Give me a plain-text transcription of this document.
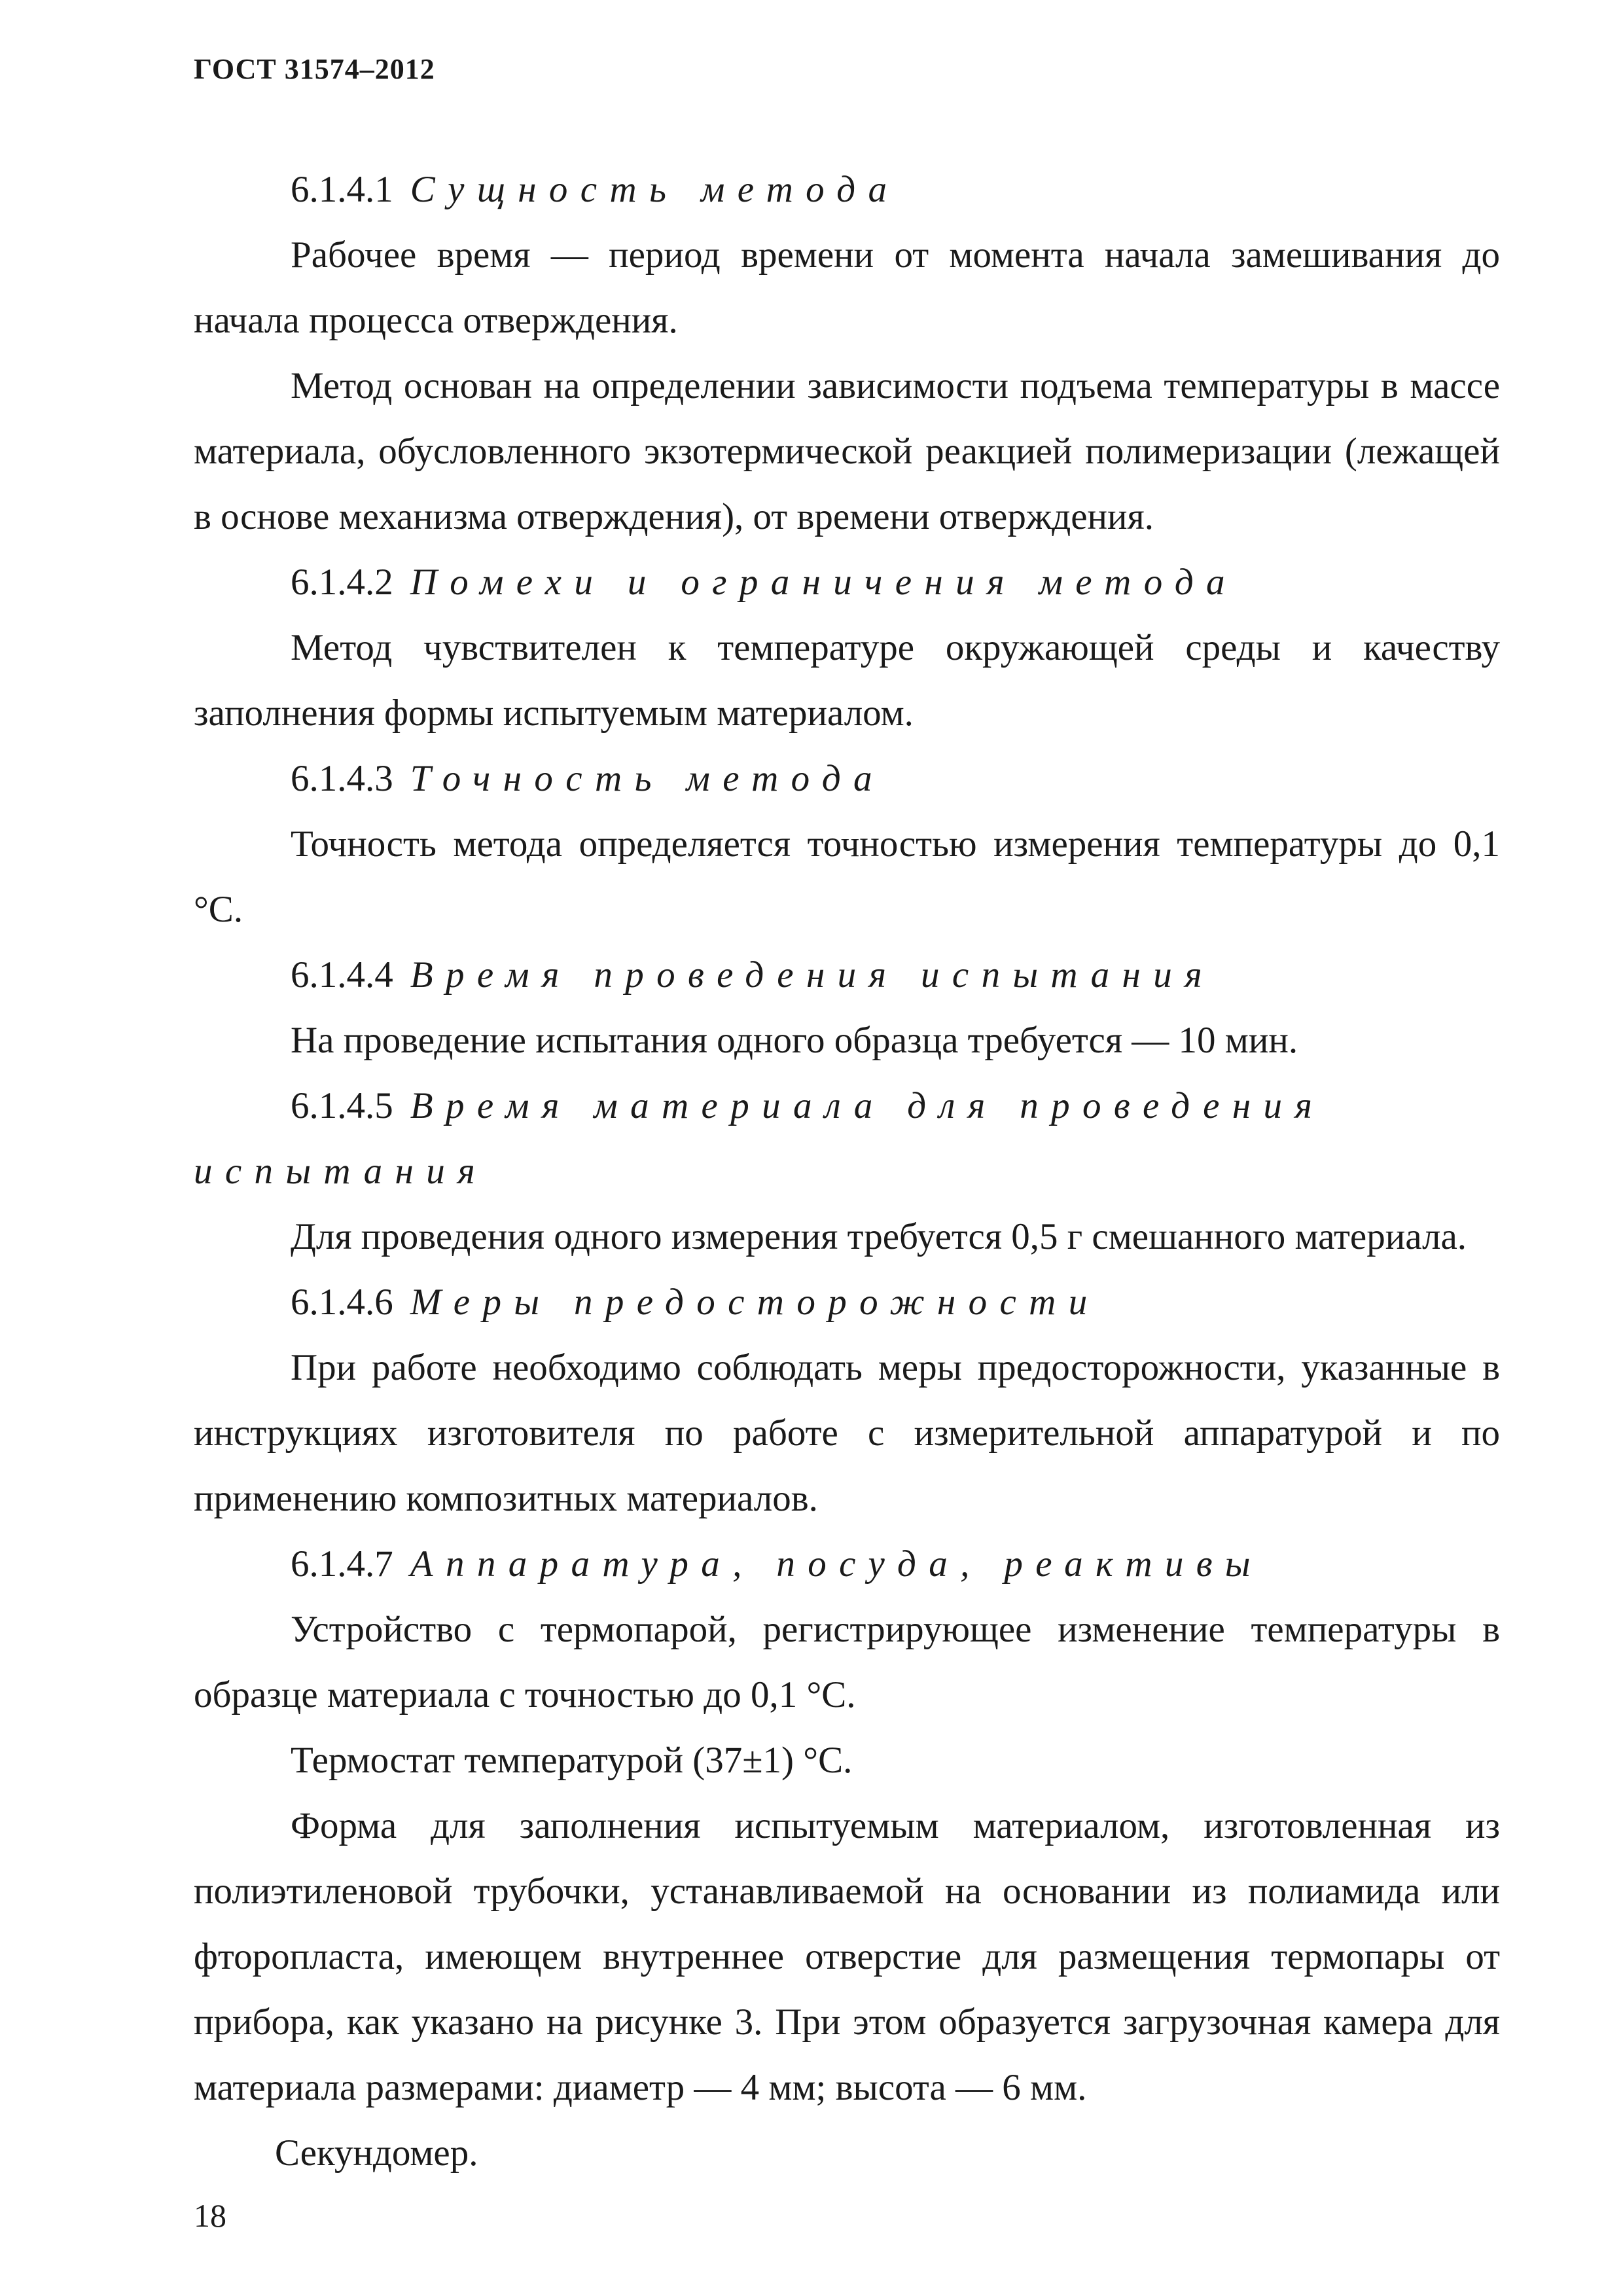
ГОСТ 31574–2012

6.1.4.1 Сущность метода

Рабочее время — период времени от момента начала замешивания до начала процесса отверждения.

Метод основан на определении зависимости подъема температуры в массе материала, обусловленного экзотермической реакцией полимеризации (лежащей в основе механизма отверждения), от времени отверждения.

6.1.4.2 Помехи и ограничения метода

Метод чувствителен к температуре окружающей среды и качеству заполнения формы испытуемым материалом.

6.1.4.3 Точность метода

Точность метода определяется точностью измерения температуры до 0,1 °С.

6.1.4.4 Время проведения испытания

На проведение испытания одного образца требуется — 10 мин.

6.1.4.5 Время материала для проведения испытания

Для проведения одного измерения требуется 0,5 г смешанного материала.

6.1.4.6 Меры предосторожности

При работе необходимо соблюдать меры предосторожности, указанные в инструкциях изготовителя по работе с измерительной аппаратурой и по применению композитных материалов.

6.1.4.7 Аппаратура, посуда, реактивы

Устройство с термопарой, регистрирующее изменение температуры в образце материала с точностью до 0,1 °С.

Термостат температурой (37±1) °С.

Форма для заполнения испытуемым материалом, изготовленная из полиэтиленовой трубочки, устанавливаемой на основании из полиамида или фторопласта, имеющем внутреннее отверстие для размещения термопары от прибора, как указано на рисунке 3. При этом образуется загрузочная камера для материала размерами: диаметр — 4 мм; высота — 6 мм.

Секундомер.

18
